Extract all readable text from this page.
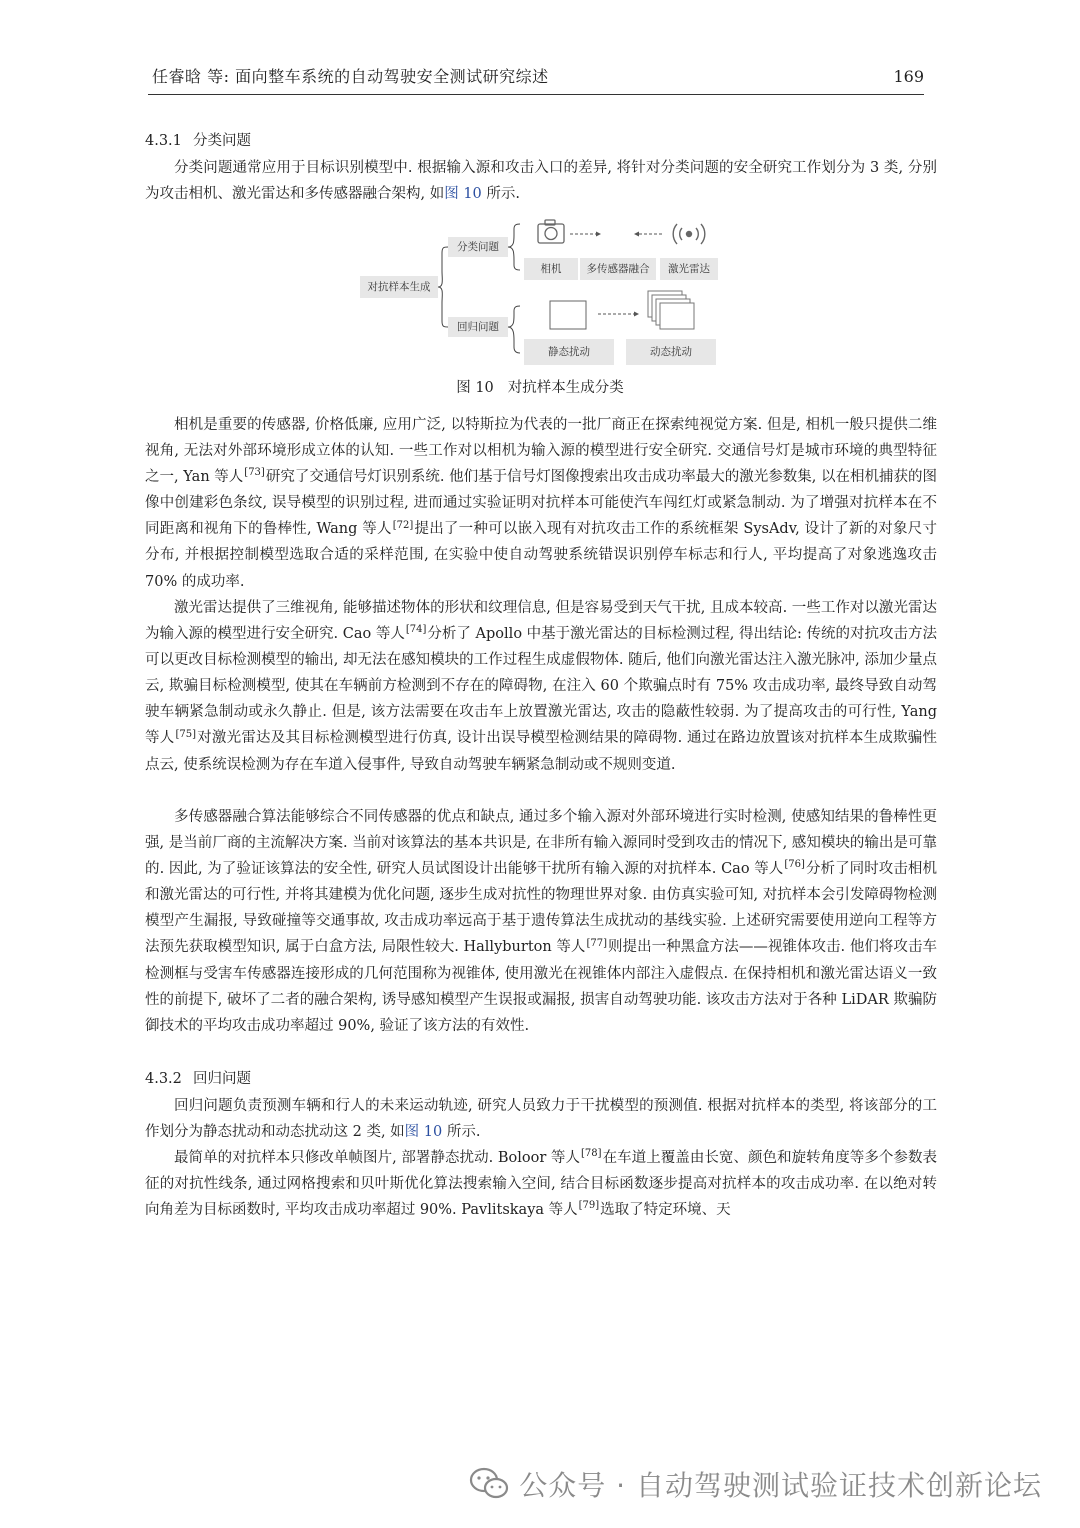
任睿晗 等: 面向整车系统的自动驾驶安全测试研究综述	169
4.3.1 分类问题

分类问题通常应用于目标识别模型中. 根据输入源和攻击入口的差异, 将针对分类问题的安全研究工作划分为 3 类, 分别为攻击相机、激光雷达和多传感器融合架构, 如图 10 所示.

对抗样本生成
分类问题
回归问题
相机	多传感器融合	激光雷达
静态扰动	动态扰动
图 10 对抗样本生成分类

相机是重要的传感器, 价格低廉, 应用广泛, 以特斯拉为代表的一批厂商正在探索纯视觉方案. 但是, 相机一般只提供二维视角, 无法对外部环境形成立体的认知. 一些工作对以相机为输入源的模型进行安全研究. 交通信号灯是城市环境的典型特征之一, Yan 等人[73]研究了交通信号灯识别系统. 他们基于信号灯图像搜索出攻击成功率最大的激光参数集, 以在相机捕获的图像中创建彩色条纹, 误导模型的识别过程, 进而通过实验证明对抗样本可能使汽车闯红灯或紧急制动. 为了增强对抗样本在不同距离和视角下的鲁棒性, Wang 等人[72]提出了一种可以嵌入现有对抗攻击工作的系统框架 SysAdv, 设计了新的对象尺寸分布, 并根据控制模型选取合适的采样范围, 在实验中使自动驾驶系统错误识别停车标志和行人, 平均提高了对象逃逸攻击 70% 的成功率.

激光雷达提供了三维视角, 能够描述物体的形状和纹理信息, 但是容易受到天气干扰, 且成本较高. 一些工作对以激光雷达为输入源的模型进行安全研究. Cao 等人[74]分析了 Apollo 中基于激光雷达的目标检测过程, 得出结论: 传统的对抗攻击方法可以更改目标检测模型的输出, 却无法在感知模块的工作过程生成虚假物体. 随后, 他们向激光雷达注入激光脉冲, 添加少量点云, 欺骗目标检测模型, 使其在车辆前方检测到不存在的障碍物, 在注入 60 个欺骗点时有 75% 攻击成功率, 最终导致自动驾驶车辆紧急制动或永久静止. 但是, 该方法需要在攻击车上放置激光雷达, 攻击的隐蔽性较弱. 为了提高攻击的可行性, Yang 等人[75]对激光雷达及其目标检测模型进行仿真, 设计出误导模型检测结果的障碍物. 通过在路边放置该对抗样本生成欺骗性点云, 使系统误检测为存在车道入侵事件, 导致自动驾驶车辆紧急制动或不规则变道.

多传感器融合算法能够综合不同传感器的优点和缺点, 通过多个输入源对外部环境进行实时检测, 使感知结果的鲁棒性更强, 是当前厂商的主流解决方案. 当前对该算法的基本共识是, 在非所有输入源同时受到攻击的情况下, 感知模块的输出是可靠的. 因此, 为了验证该算法的安全性, 研究人员试图设计出能够干扰所有输入源的对抗样本. Cao 等人[76]分析了同时攻击相机和激光雷达的可行性, 并将其建模为优化问题, 逐步生成对抗性的物理世界对象. 由仿真实验可知, 对抗样本会引发障碍物检测模型产生漏报, 导致碰撞等交通事故, 攻击成功率远高于基于遗传算法生成扰动的基线实验. 上述研究需要使用逆向工程等方法预先获取模型知识, 属于白盒方法, 局限性较大. Hallyburton 等人[77]则提出一种黑盒方法——视锥体攻击. 他们将攻击车检测框与受害车传感器连接形成的几何范围称为视锥体, 使用激光在视锥体内部注入虚假点. 在保持相机和激光雷达语义一致性的前提下, 破坏了二者的融合架构, 诱导感知模型产生误报或漏报, 损害自动驾驶功能. 该攻击方法对于各种 LiDAR 欺骗防御技术的平均攻击成功率超过 90%, 验证了该方法的有效性.

4.3.2 回归问题

回归问题负责预测车辆和行人的未来运动轨迹, 研究人员致力于干扰模型的预测值. 根据对抗样本的类型, 将该部分的工作划分为静态扰动和动态扰动这 2 类, 如图 10 所示.

最简单的对抗样本只修改单帧图片, 部署静态扰动. Boloor 等人[78]在车道上覆盖由长宽、颜色和旋转角度等多个参数表征的对抗性线条, 通过网格搜索和贝叶斯优化算法搜索输入空间, 结合目标函数逐步提高对抗样本的攻击成功率. 在以绝对转向角差为目标函数时, 平均攻击成功率超过 90%. Pavlitskaya 等人[79]选取了特定环境、天

公众号 · 自动驾驶测试验证技术创新论坛
